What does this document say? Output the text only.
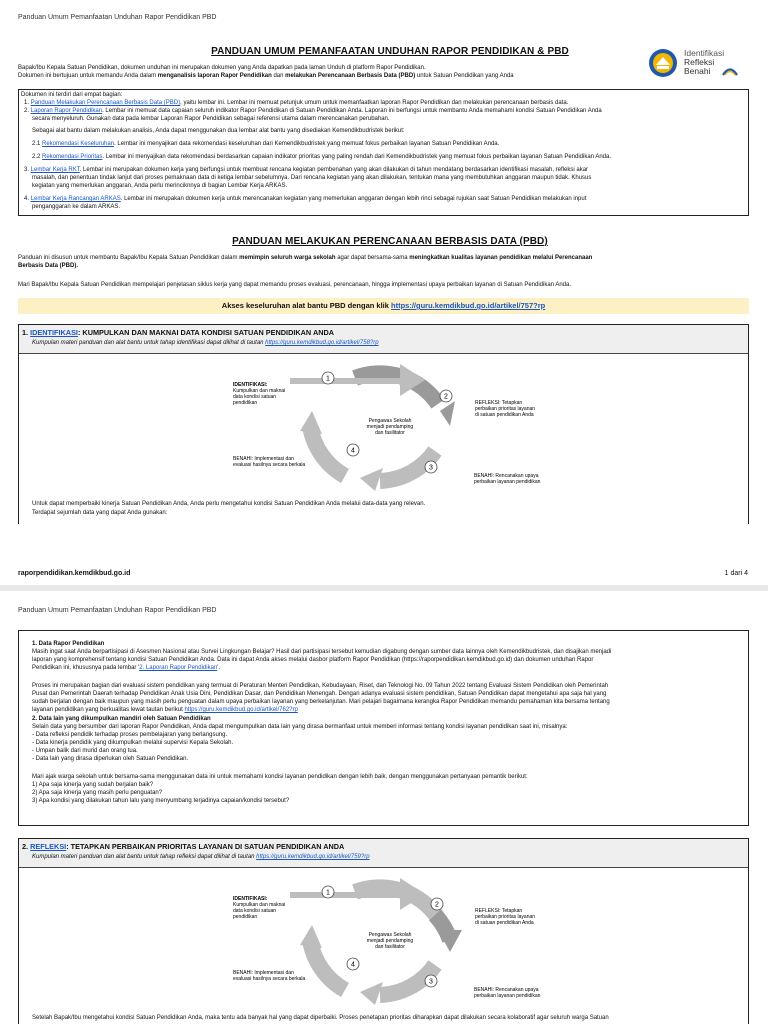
Panduan Umum Pemanfaatan Unduhan Rapor Pendidikan PBD
PANDUAN UMUM PEMANFAATAN UNDUHAN RAPOR PENDIDIKAN & PBD	Identifikasi
Refleksi
Benahi
Bapak/Ibu Kepala Satuan Pendidikan, dokumen unduhan ini merupakan dokumen yang Anda dapatkan pada laman Unduh di platform Rapor Pendidikan.
Dokumen ini bertujuan untuk memandu Anda dalam menganalisis laporan Rapor Pendidikan dan melakukan Perencanaan Berbasis Data (PBD) untuk Satuan Pendidikan yang Anda
Dokumen ini terdiri dari empat bagian:
1. Panduan Melakukan Perencanaan Berbasis Data (PBD), yaitu lembar ini. Lembar ini memuat petunjuk umum untuk memanfaatkan laporan Rapor Pendidikan dan melakukan perencanaan berbasis data.
2. Laporan Rapor Pendidikan. Lembar ini memuat data capaian seluruh indikator Rapor Pendidikan di Satuan Pendidikan Anda. Laporan ini berfungsi untuk membantu Anda memahami kondisi Satuan Pendidikan Anda
secara menyeluruh. Gunakan data pada lembar Laporan Rapor Pendidikan sebagai referensi utama dalam merencanakan perubahan.
Sebagai alat bantu dalam melakukan analisis, Anda dapat menggunakan dua lembar alat bantu yang disediakan Kemendikbudristek berikut:
2.1 Rekomendasi Keseluruhan. Lembar ini menyajikan data rekomendasi keseluruhan dari Kemendikbudristek yang memuat fokus perbaikan layanan Satuan Pendidikan Anda.
2.2 Rekomendasi Prioritas. Lembar ini menyajikan data rekomendasi berdasarkan capaian indikator prioritas yang paling rendah dari Kemendikbudristek yang memuat fokus perbaikan layanan Satuan Pendidikan Anda.
3. Lembar Kerja RKT. Lembar ini merupakan dokumen kerja yang berfungsi untuk membuat rencana kegiatan pembenahan yang akan dilakukan di tahun mendatang berdasarkan identifikasi masalah, refleksi akar
masalah, dan penentuan tindak lanjut dari proses pemaknaan data di ketiga lembar sebelumnya. Dari rencana kegiatan yang akan dilakukan, tentukan mana yang membutuhkan anggaran maupun tidak. Khusus
kegiatan yang memerlukan anggaran, Anda perlu merinciknnya di bagian Lembar Kerja ARKAS.
4. Lembar Kerja Rancangan ARKAS. Lembar ini merupakan dokumen kerja untuk merencanakan kegiatan yang memerlukan anggaran dengan lebih rinci sebagai rujukan saat Satuan Pendidikan melakukan input
penganggaran ke dalam ARKAS.
PANDUAN MELAKUKAN PERENCANAAN BERBASIS DATA (PBD)
Panduan ini disusun untuk membantu Bapak/Ibu Kepala Satuan Pendidikan dalam memimpin seluruh warga sekolah agar dapat bersama-sama meningkatkan kualitas layanan pendidikan melalui Perencanaan
Berbasis Data (PBD).
Mari Bapak/Ibu Kepala Satuan Pendidikan mempelajari penjelasan siklus kerja yang dapat memandu proses evaluasi, perencanaan, hingga implementasi upaya perbaikan layanan di Satuan Pendidikan Anda.
Akses keseluruhan alat bantu PBD dengan klik https://guru.kemdikbud.go.id/artikel/757?rp
1. IDENTIFIKASI: KUMPULKAN DAN MAKNAI DATA KONDISI SATUAN PENDIDIKAN ANDA
Kumpulan materi panduan dan alat bantu untuk tahap identifikasi dapat dilihat di tautan https://guru.kemdikbud.go.id/artikel/758?rp
1
2
3
4
IDENTIFIKASI:
Kumpulkan dan maknai
data kondisi satuan
pendidikan	REFLEKSI: Tetapkan
perbaikan prioritas layanan
di satuan pendidikan Anda
Pengawas Sekolah
menjadi pendamping
dan fasilitator
BENAHI: Implementasi dan
evaluasi hasilnya secara berkala
BENAHI: Rencanakan upaya
perbaikan layanan pendidikan
Untuk dapat memperbaiki kinerja Satuan Pendidikan Anda, Anda perlu mengetahui kondisi Satuan Pendidikan Anda melalui data-data yang relevan.
Terdapat sejumlah data yang dapat Anda gunakan:
rapor​pendidikan.kemdikbud.go.id	1 dari 4
Panduan Umum Pemanfaatan Unduhan Rapor Pendidikan PBD
1. Data Rapor Pendidikan
Masih ingat saat Anda berpartisipasi di Asesmen Nasional atau Survei Lingkungan Belajar? Hasil dari partisipasi tersebut kemudian digabung dengan sumber data lainnya oleh Kemendikbudristek, dan disajikan menjadi
laporan yang komprehensif tentang kondisi Satuan Pendidikan Anda. Data ini dapat Anda akses melalui dasbor platform Rapor Pendidikan (https://raporpendidikan.kemdikbud.go.id) dan dokumen unduhan Rapor
Pendidikan ini, khususnya pada lembar '2. Laporan Rapor Pendidikan'.
Proses ini merupakan bagian dari evaluasi sistem pendidikan yang termuat di Peraturan Menteri Pendidikan, Kebudayaan, Riset, dan Teknologi No. 09 Tahun 2022 tentang Evaluasi Sistem Pendidikan oleh Pemerintah
Pusat dan Pemerintah Daerah terhadap Pendidikan Anak Usia Dini, Pendidikan Dasar, dan Pendidikan Menengah. Dengan adanya evaluasi sistem pendidikan, Satuan Pendidikan dapat mengetahui apa saja hal yang
sudah berjalan dengan baik maupun yang masih perlu penguatan dalam upaya perbaikan layanan yang berkelanjutan. Mari pelajari bagaimana kerangka Rapor Pendidikan memandu pemahaman kita bersama tentang
layanan pendidikan yang berkualitas lewat tautan berikut https://guru.kemdikbud.go.id/artikel/762?rp
2. Data lain yang dikumpulkan mandiri oleh Satuan Pendidikan
Selain data yang bersumber dari laporan Rapor Pendidikan, Anda dapat mengumpulkan data lain yang dirasa bermanfaat untuk memberi informasi tentang kondisi layanan pendidikan saat ini, misalnya:
- Data refleksi pendidik terhadap proses pembelajaran yang berlangsung.
- Data kinerja pendidik yang dikumpulkan melalui supervisi Kepala Sekolah.
- Umpan balik dari murid dan orang tua.
- Data lain yang dirasa diperlukan oleh Satuan Pendidikan.
Mari ajak warga sekolah untuk bersama-sama menggunakan data ini untuk memahami kondisi layanan pendidikan dengan lebih baik, dengan menggunakan pertanyaan pemantik berikut:
1) Apa saja kinerja yang sudah berjalan baik?
2) Apa saja kinerja yang masih perlu penguatan?
3) Apa kondisi yang dilakukan tahun lalu yang menyumbang terjadinya capaian/kondisi tersebut?
2. REFLEKSI: TETAPKAN PERBAIKAN PRIORITAS LAYANAN DI SATUAN PENDIDIKAN ANDA
Kumpulan materi panduan dan alat bantu untuk tahap refleksi dapat dilihat di tautan https://guru.kemdikbud.go.id/artikel/759?rp
1
2
3
4
IDENTIFIKASI:
Kumpulkan dan maknai
data kondisi satuan
pendidikan
REFLEKSI: Tetapkan
perbaikan prioritas layanan
di satuan pendidikan Anda
Pengawas Sekolah
menjadi pendamping
dan fasilitator
BENAHI: Implementasi dan
evaluasi hasilnya secara berkala
BENAHI: Rencanakan upaya
perbaikan layanan pendidikan
Setelah Bapak/Ibu mengetahui kondisi Satuan Pendidikan Anda, maka tentu ada banyak hal yang dapat diperbaiki. Proses penetapan prioritas diharapkan dapat dilakukan secara kolaboratif agar seluruh warga Satuan
